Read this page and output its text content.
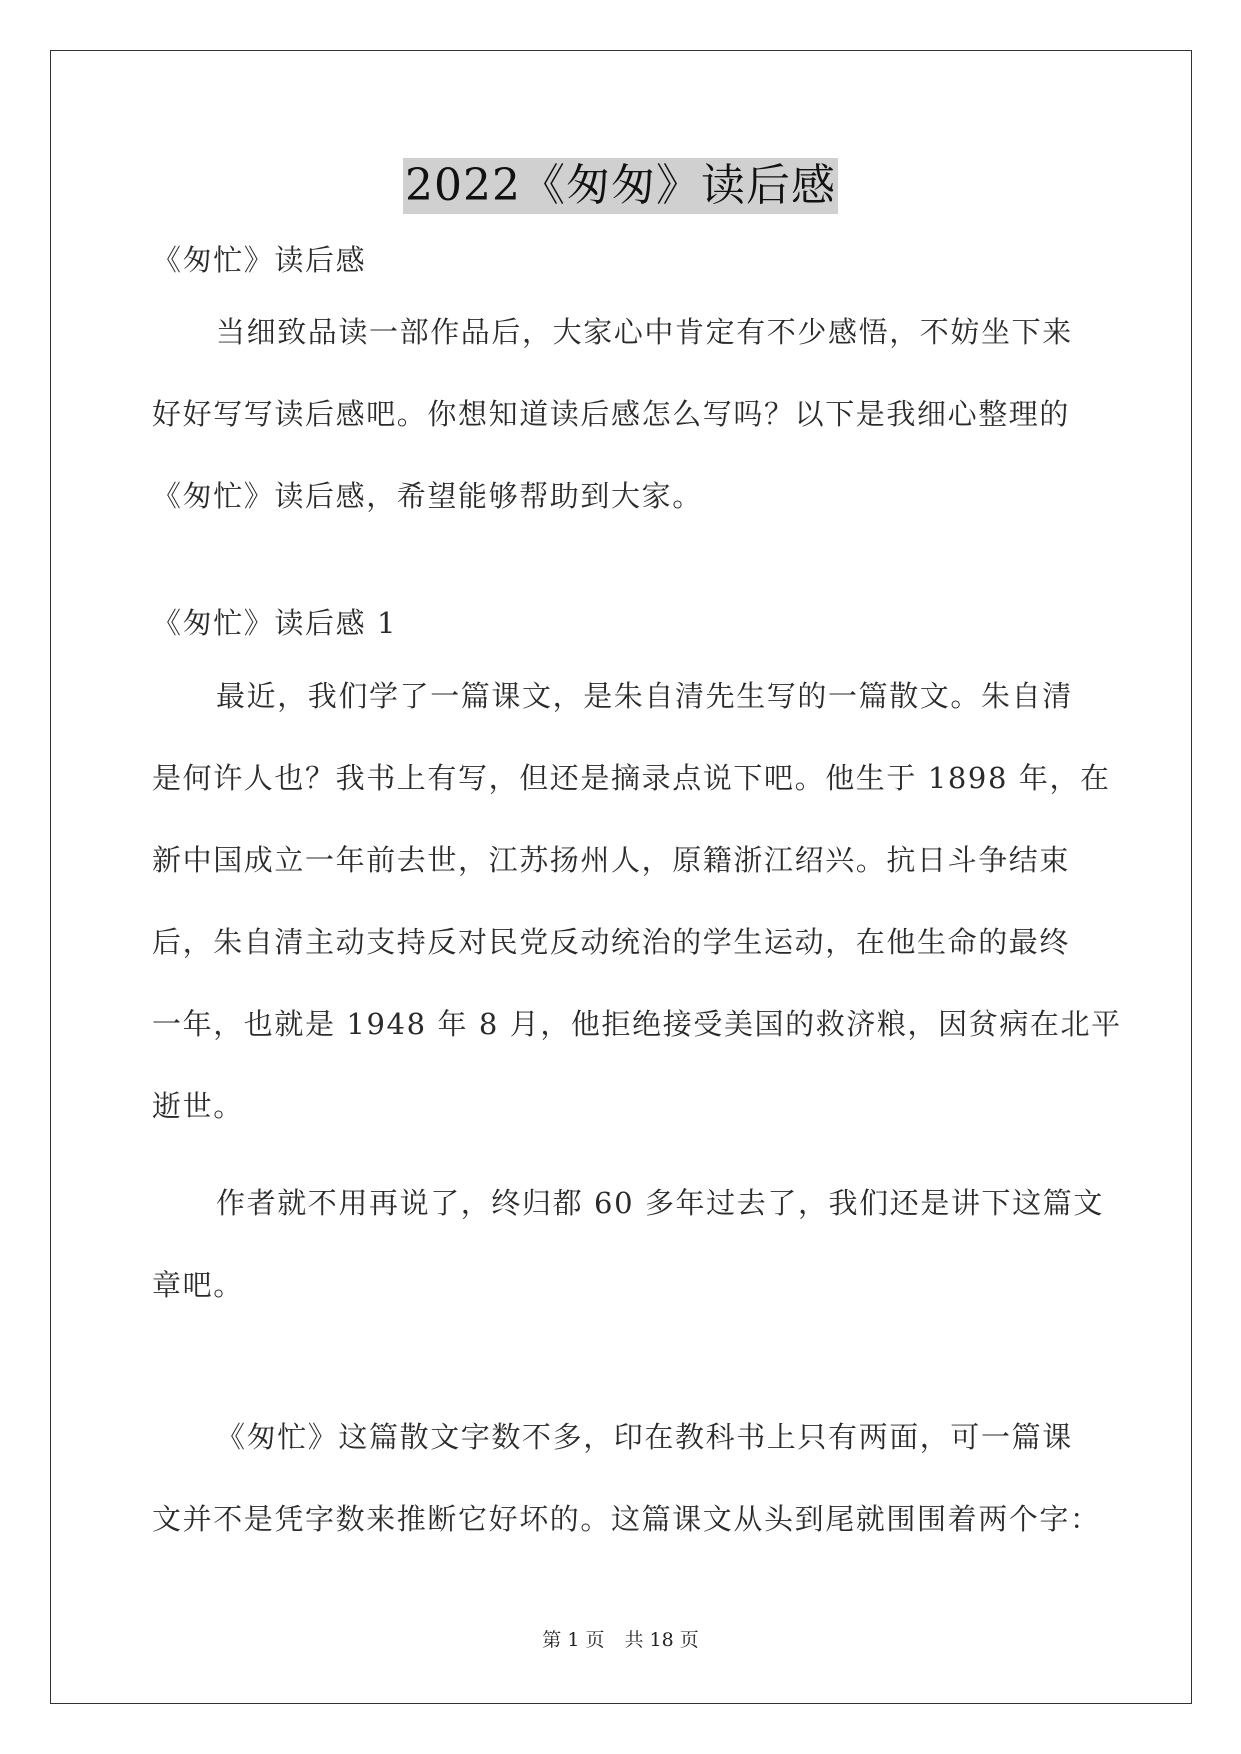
2022《匆匆》读后感
《匆忙》读后感
当细致品读一部作品后，大家心中肯定有不少感悟，不妨坐下来
好好写写读后感吧。你想知道读后感怎么写吗？以下是我细心整理的
《匆忙》读后感，希望能够帮助到大家。
《匆忙》读后感 1
最近，我们学了一篇课文，是朱自清先生写的一篇散文。朱自清
是何许人也？我书上有写，但还是摘录点说下吧。他生于 1898 年，在
新中国成立一年前去世，江苏扬州人，原籍浙江绍兴。抗日斗争结束
后，朱自清主动支持反对民党反动统治的学生运动，在他生命的最终
一年，也就是 1948 年 8 月，他拒绝接受美国的救济粮，因贫病在北平
逝世。
作者就不用再说了，终归都 60 多年过去了，我们还是讲下这篇文
章吧。
《匆忙》这篇散文字数不多，印在教科书上只有两面，可一篇课
文并不是凭字数来推断它好坏的。这篇课文从头到尾就围围着两个字：
第 1 页 共 18 页
